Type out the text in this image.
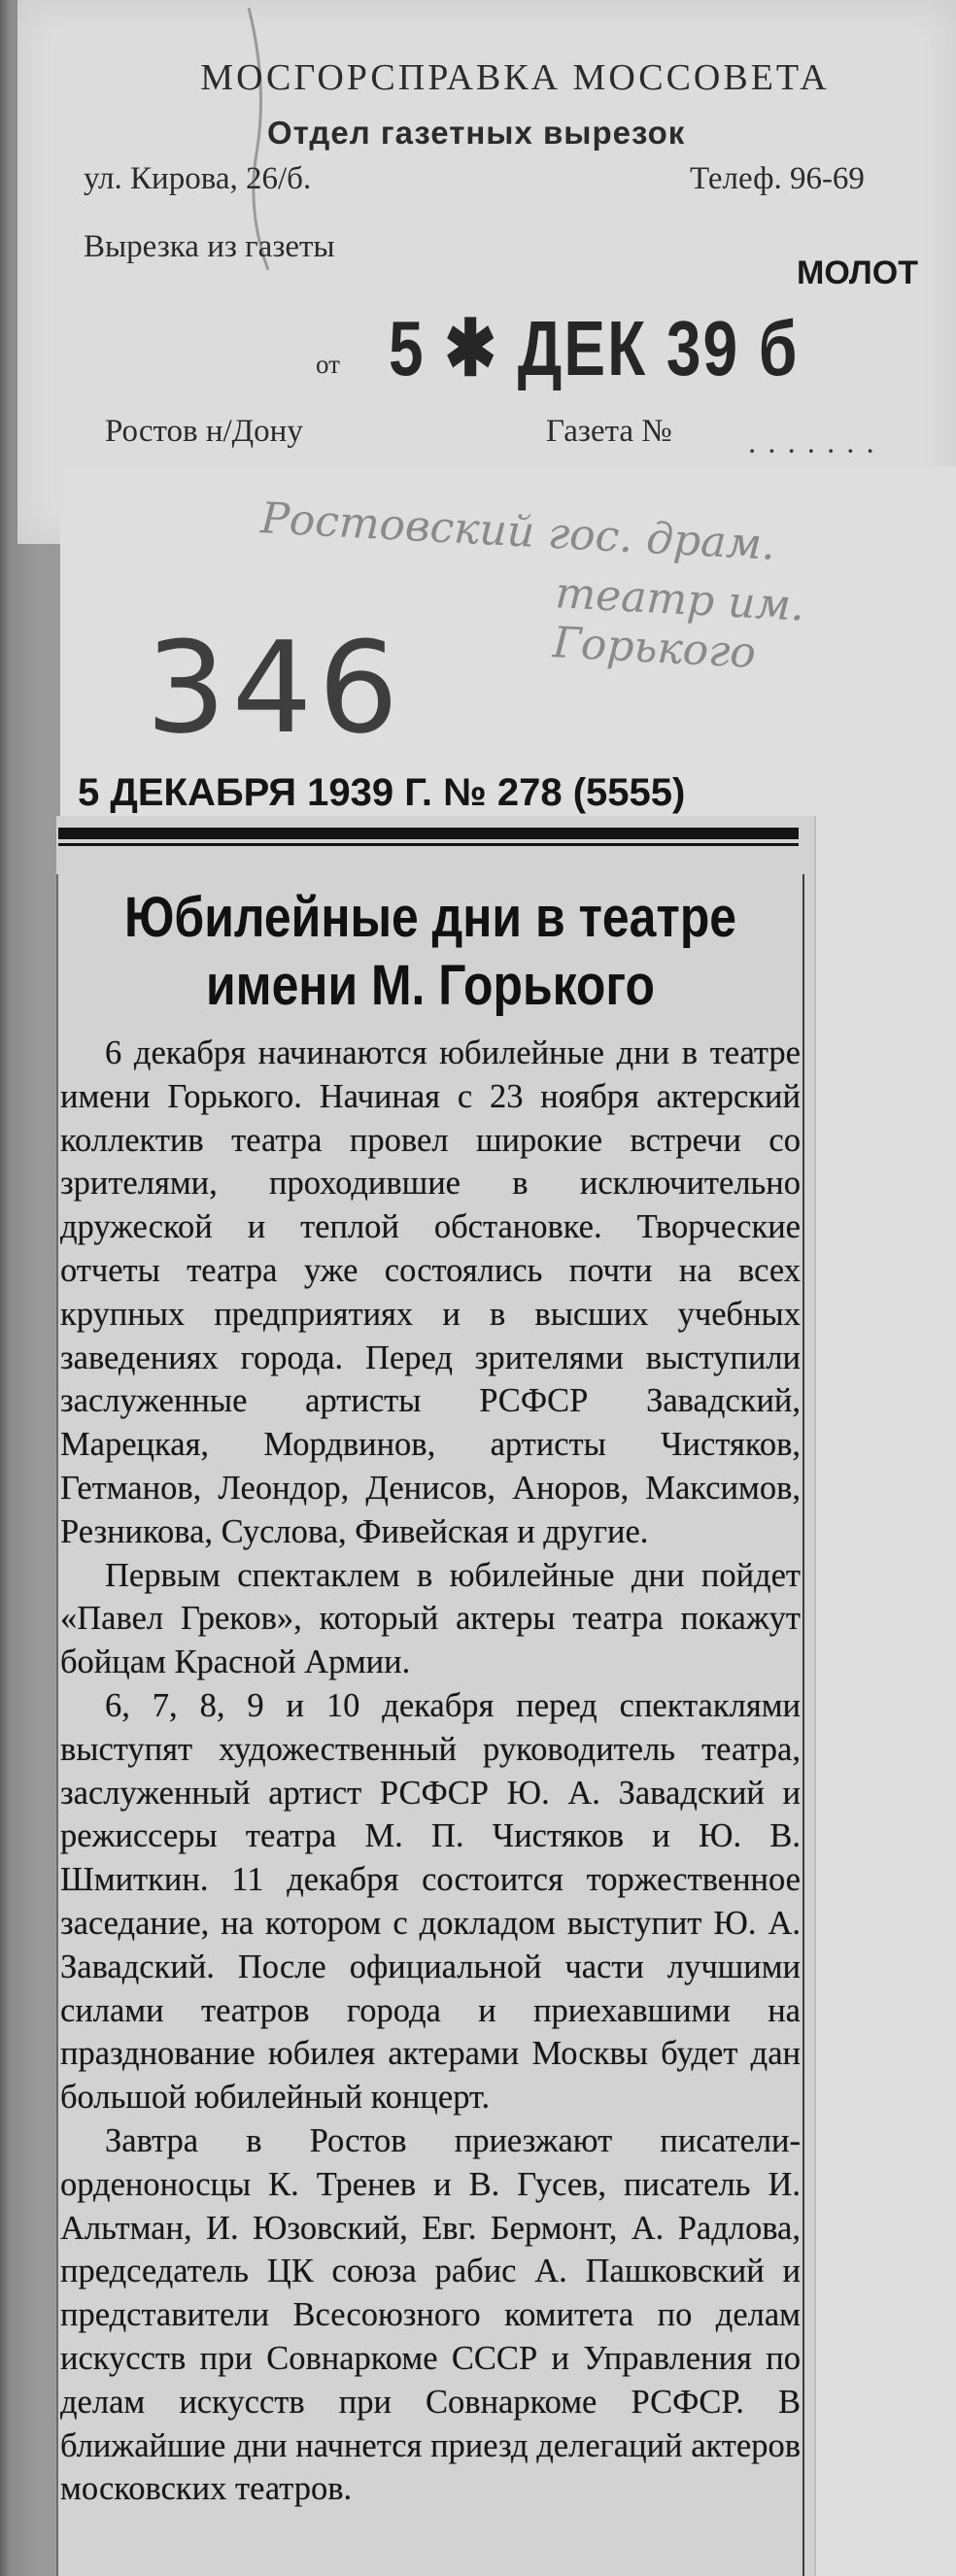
МОСГОРСПРАВКА МОССОВЕТА
Отдел газетных вырезок
ул. Кирова, 26/б.	Телеф. 96-69
Вырезка из газеты
МОЛОТ
от 5 ✱ ДЕК 39 б
Ростов н/Дону	Газета № .......
Ростовский гос. драм.
театр им. Горького
346
5 ДЕКАБРЯ 1939 Г. № 278 (5555)
Юбилейные дни в театре
имени М. Горького

6 декабря начинаются юбилейные дни в театре имени Горького. Начиная с 23 ноября актерский коллектив театра провел широкие встречи со зрителями, проходившие в исключительно дружеской и теплой обстановке. Творческие отчеты театра уже состоялись почти на всех крупных предприятиях и в высших учебных заведениях города. Перед зрителями выступили заслуженные артисты РСФСР Завадский, Марецкая, Мордвинов, артисты Чистяков, Гетманов, Леондор, Денисов, Аноров, Максимов, Резникова, Суслова, Фивейская и другие.

Первым спектаклем в юбилейные дни пойдет «Павел Греков», который актеры театра покажут бойцам Красной Армии.

6, 7, 8, 9 и 10 декабря перед спектаклями выступят художественный руководитель театра, заслуженный артист РСФСР Ю. А. Завадский и режиссеры театра М. П. Чистяков и Ю. В. Шмиткин. 11 декабря состоится торжественное заседание, на котором с докладом выступит Ю. А. Завадский. После официальной части лучшими силами театров города и приехавшими на празднование юбилея актерами Москвы будет дан большой юбилейный концерт.

Завтра в Ростов приезжают писатели-орденоносцы К. Тренев и В. Гусев, писатель И. Альтман, И. Юзовский, Евг. Бермонт, А. Радлова, председатель ЦК союза рабис А. Пашковский и представители Всесоюзного комитета по делам искусств при Совнаркоме СССР и Управления по делам искусств при Совнаркоме РСФСР. В ближайшие дни начнется приезд делегаций актеров московских театров.
